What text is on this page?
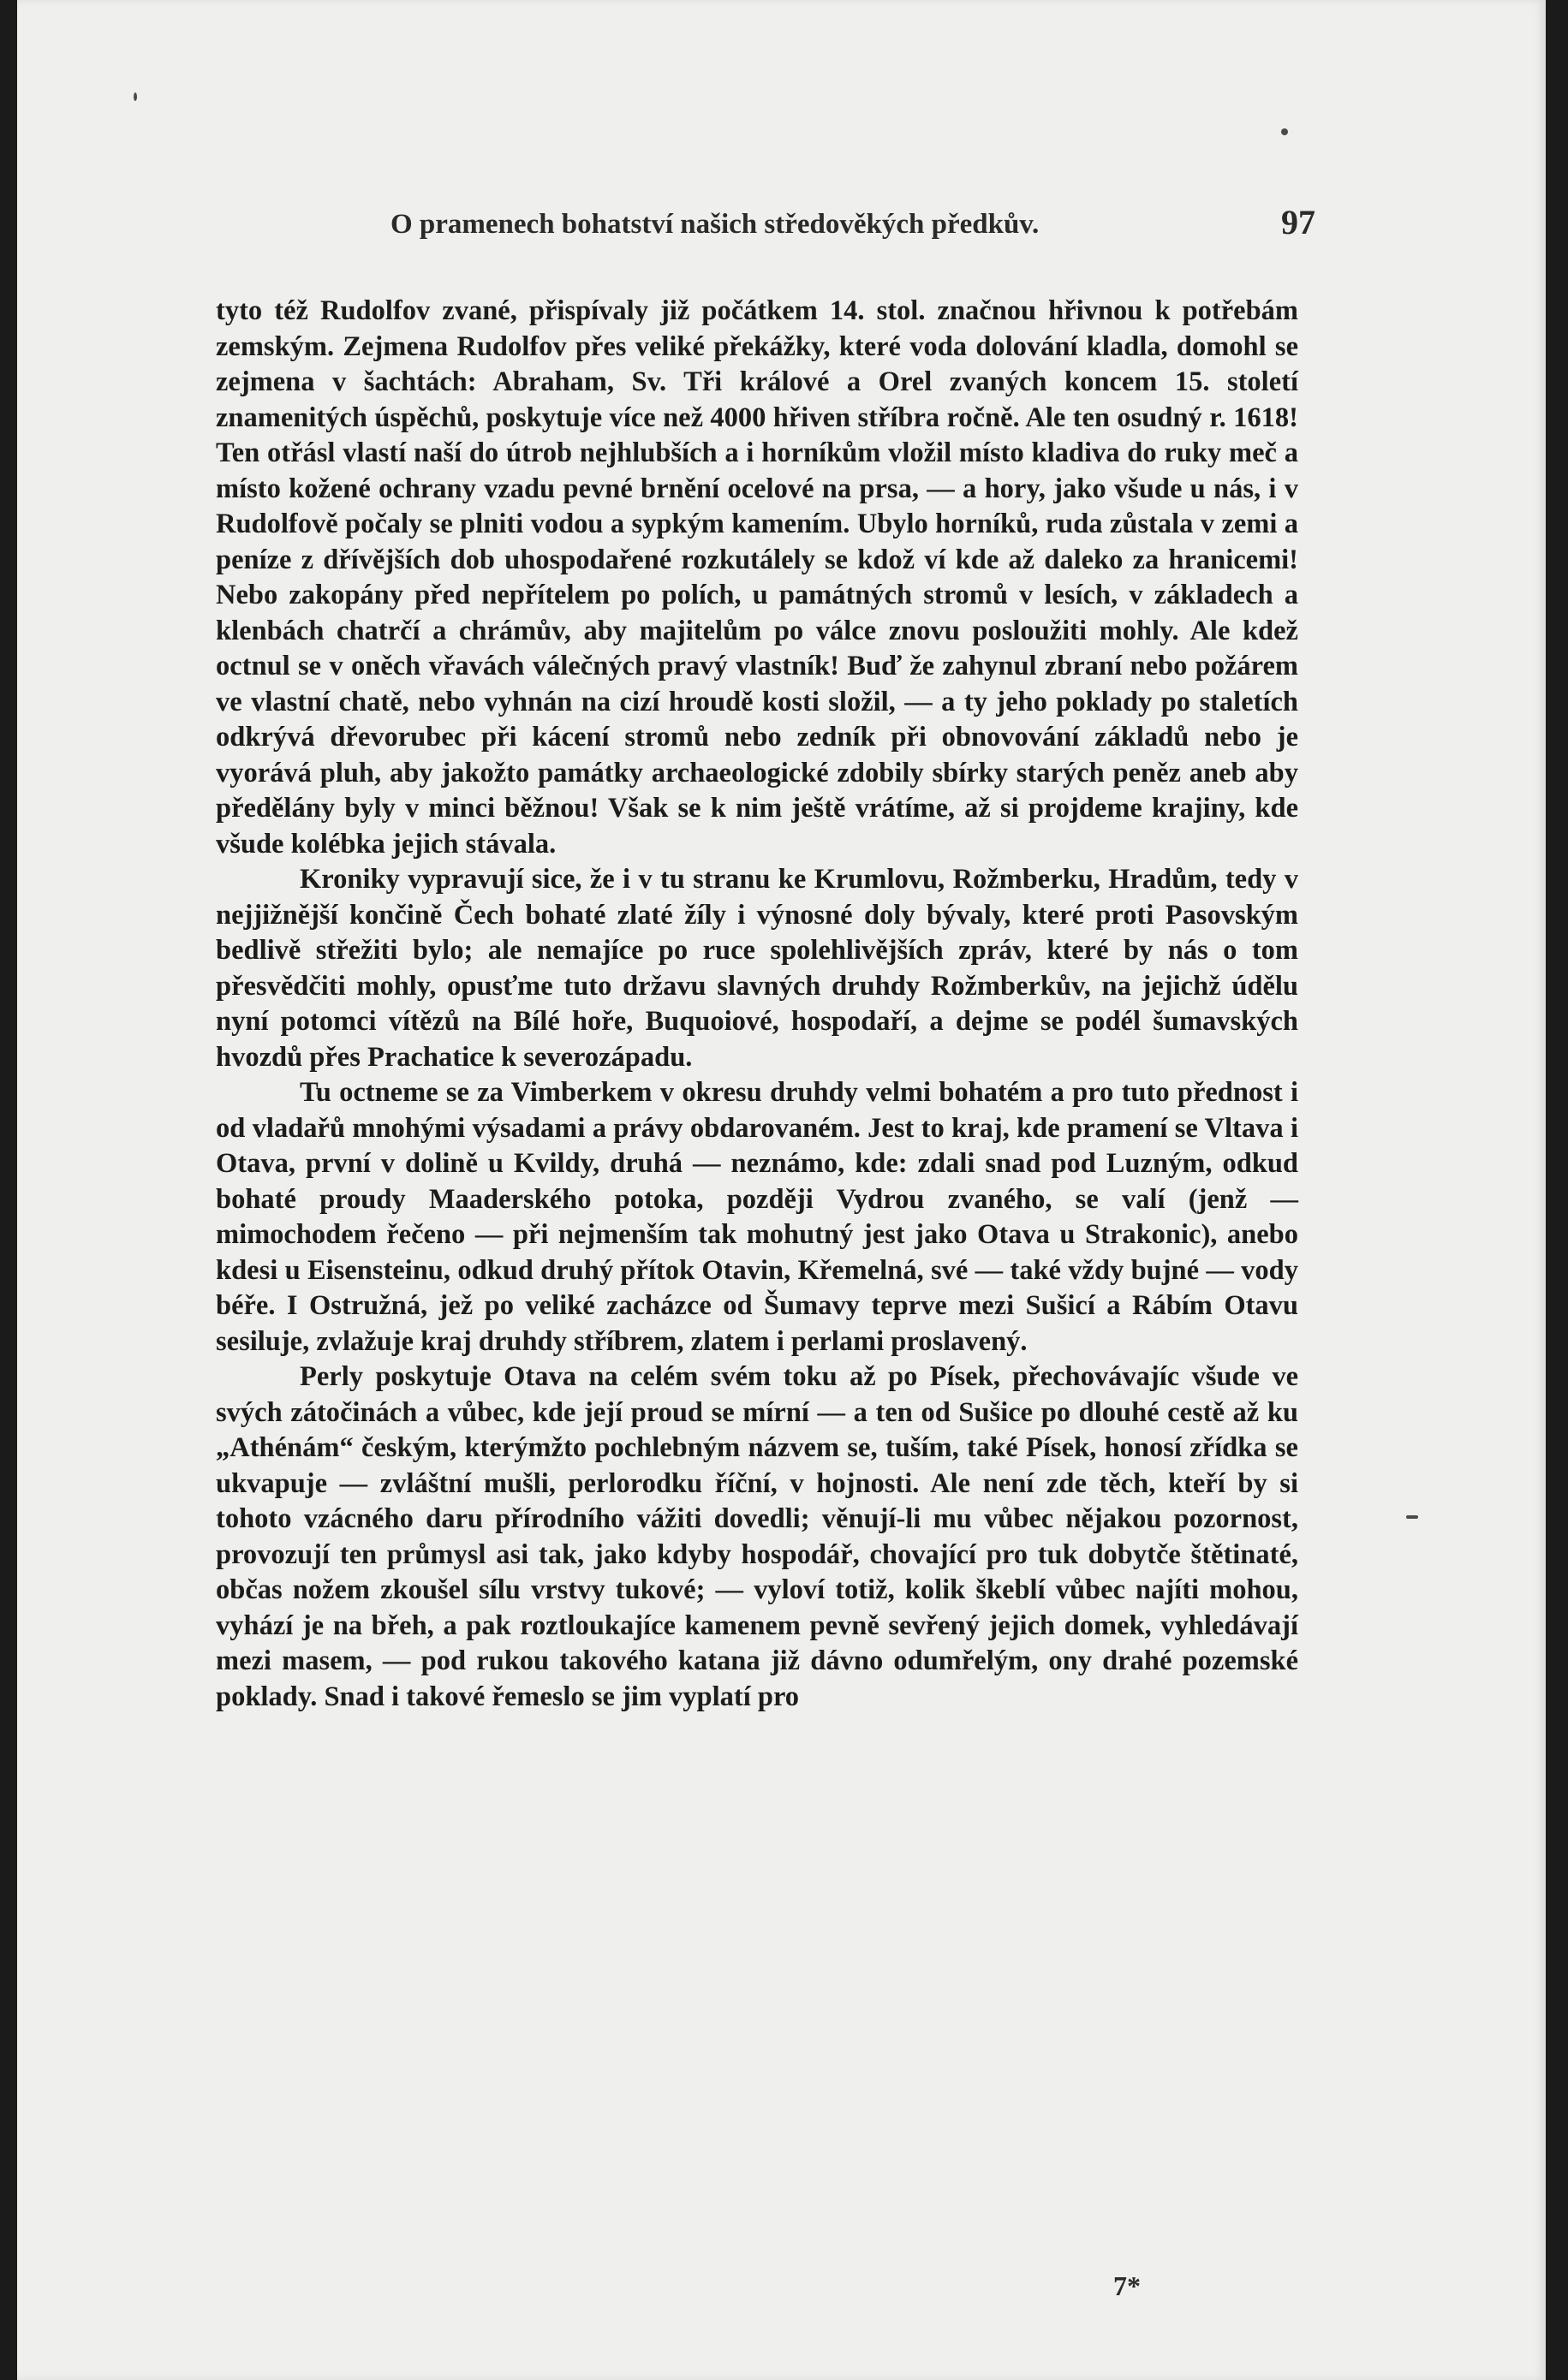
O pramenech bohatství našich středověkých předkův.	97

tyto též Rudolfov zvané, přispívaly již počátkem 14. stol. značnou hřivnou k potřebám zemským. Zejmena Rudolfov přes veliké překážky, které voda dolování kladla, domohl se zejmena v šachtách: Abraham, Sv. Tři králové a Orel zvaných koncem 15. století znamenitých úspěchů, poskytuje více než 4000 hřiven stříbra ročně. Ale ten osudný r. 1618! Ten otřásl vlastí naší do útrob nejhlubších a i horníkům vložil místo kladiva do ruky meč a místo kožené ochrany vzadu pevné brnění ocelové na prsa, — a hory, jako všude u nás, i v Rudolfově počaly se plniti vodou a sypkým kamením. Ubylo horníků, ruda zůstala v zemi a peníze z dřívějších dob uhospodařené rozkutálely se kdož ví kde až daleko za hranicemi! Nebo zakopány před nepřítelem po polích, u památných stromů v lesích, v základech a klenbách chatrčí a chrámův, aby majitelům po válce znovu posloužiti mohly. Ale kdež octnul se v oněch vřavách válečných pravý vlastník! Buď že zahynul zbraní nebo požárem ve vlastní chatě, nebo vyhnán na cizí hroudě kosti složil, — a ty jeho poklady po staletích odkrývá dřevorubec při kácení stromů nebo zedník při obnovování základů nebo je vyorává pluh, aby jakožto památky archaeologické zdobily sbírky starých peněz aneb aby předělány byly v minci běžnou! Však se k nim ještě vrátíme, až si projdeme krajiny, kde všude kolébka jejich stávala.

Kroniky vypravují sice, že i v tu stranu ke Krumlovu, Rožmberku, Hradům, tedy v nejjižnější končině Čech bohaté zlaté žíly i výnosné doly bývaly, které proti Pasovským bedlivě střežiti bylo; ale nemajíce po ruce spolehlivějších zpráv, které by nás o tom přesvědčiti mohly, opusťme tuto državu slavných druhdy Rožmberkův, na jejichž údělu nyní potomci vítězů na Bílé hoře, Buquoiové, hospodaří, a dejme se podél šumavských hvozdů přes Prachatice k severozápadu.

Tu octneme se za Vimberkem v okresu druhdy velmi bohatém a pro tuto přednost i od vladařů mnohými výsadami a právy obdarovaném. Jest to kraj, kde pramení se Vltava i Otava, první v dolině u Kvildy, druhá — neznámo, kde: zdali snad pod Luzným, odkud bohaté proudy Maaderského potoka, později Vydrou zvaného, se valí (jenž — mimochodem řečeno — při nejmenším tak mohutný jest jako Otava u Strakonic), anebo kdesi u Eisensteinu, odkud druhý přítok Otavin, Křemelná, své — také vždy bujné — vody béře. I Ostružná, jež po veliké zacházce od Šumavy teprve mezi Sušicí a Rábím Otavu sesiluje, zvlažuje kraj druhdy stříbrem, zlatem i perlami proslavený.

Perly poskytuje Otava na celém svém toku až po Písek, přechovávajíc všude ve svých zátočinách a vůbec, kde její proud se mírní — a ten od Sušice po dlouhé cestě až ku „Athénám“ českým, kterýmžto pochlebným názvem se, tuším, také Písek, honosí zřídka se ukvapuje — zvláštní mušli, perlorodku říční, v hojnosti. Ale není zde těch, kteří by si tohoto vzácného daru přírodního vážiti dovedli; věnují-li mu vůbec nějakou pozornost, provozují ten průmysl asi tak, jako kdyby hospodář, chovající pro tuk dobytče štětinaté, občas nožem zkoušel sílu vrstvy tukové; — vyloví totiž, kolik škeblí vůbec najíti mohou, vyhází je na břeh, a pak roztloukajíce kamenem pevně sevřený jejich domek, vyhledávají mezi masem, — pod rukou takového katana již dávno odumřelým, ony drahé pozemské poklady. Snad i takové řemeslo se jim vyplatí pro

7*
